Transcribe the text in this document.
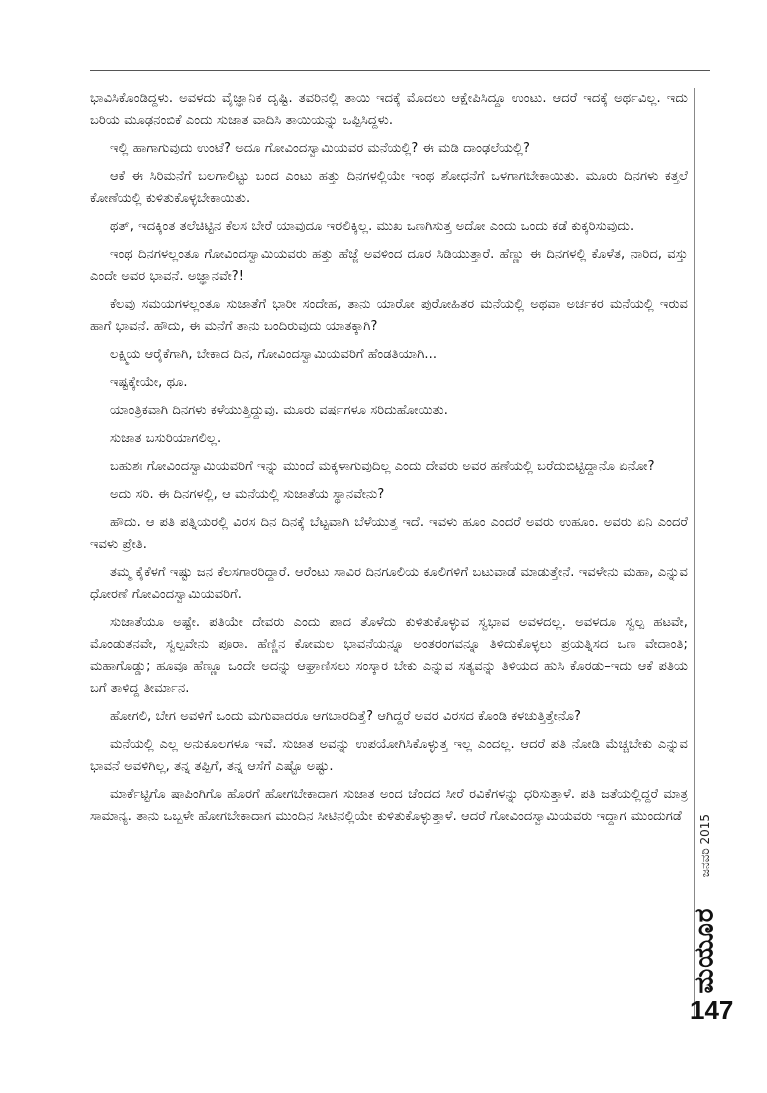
ಭಾವಿಸಿಕೊಂಡಿದ್ದಳು. ಅವಳದು ವೈಜ್ಞಾನಿಕ ದೃಷ್ಟಿ. ತವರಿನಲ್ಲಿ ತಾಯಿ ಇದಕ್ಕೆ ಮೊದಲು ಆಕ್ಷೇಪಿಸಿದ್ದೂ ಉಂಟು. ಆದರೆ ಇದಕ್ಕೆ ಅರ್ಥವಿಲ್ಲ. ಇದು ಬರಿಯ ಮೂಢನಂಬಿಕೆ ಎಂದು ಸುಜಾತ ವಾದಿಸಿ ತಾಯಿಯನ್ನು ಒಪ್ಪಿಸಿದ್ದಳು.

ಇಲ್ಲಿ ಹಾಗಾಗುವುದು ಉಂಟೆ? ಅದೂ ಗೋವಿಂದಸ್ವಾಮಿಯವರ ಮನೆಯಲ್ಲಿ? ಈ ಮಡಿ ದಾಂಢಲೆಯಲ್ಲಿ?

ಆಕೆ ಈ ಸಿರಿಮನೆಗೆ ಬಲಗಾಲಿಟ್ಟು ಬಂದ ಎಂಟು ಹತ್ತು ದಿನಗಳಲ್ಲಿಯೇ ಇಂಥ ಶೋಧನೆಗೆ ಒಳಗಾಗಬೇಕಾಯಿತು. ಮೂರು ದಿನಗಳು ಕತ್ತಲೆ ಕೋಣೆಯಲ್ಲಿ ಕುಳಿತುಕೊಳ್ಳಬೇಕಾಯಿತು.

ಥತ್, ಇದಕ್ಕಿಂತ ತಲೆಚಿಟ್ಟಿನ ಕೆಲಸ ಬೇರೆ ಯಾವುದೂ ಇರಲಿಕ್ಕಿಲ್ಲ. ಮುಖ ಒಣಗಿಸುತ್ತ ಅದೋ ಎಂದು ಒಂದು ಕಡೆ ಕುಕ್ಕರಿಸುವುದು.

ಇಂಥ ದಿನಗಳಲ್ಲಂತೂ ಗೋವಿಂದಸ್ವಾಮಿಯವರು ಹತ್ತು ಹೆಜ್ಜೆ ಅವಳಿಂದ ದೂರ ಸಿಡಿಯುತ್ತಾರೆ. ಹೆಣ್ಣು ಈ ದಿನಗಳಲ್ಲಿ ಕೊಳೆತ, ನಾರಿದ, ವಸ್ತು ಎಂದೇ ಅವರ ಭಾವನೆ. ಅಜ್ಞಾನವೇ?!

ಕೆಲವು ಸಮಯಗಳಲ್ಲಂತೂ ಸುಜಾತೆಗೆ ಭಾರೀ ಸಂದೇಹ, ತಾನು ಯಾರೋ ಪುರೋಹಿತರ ಮನೆಯಲ್ಲಿ ಅಥವಾ ಅರ್ಚಕರ ಮನೆಯಲ್ಲಿ ಇರುವ ಹಾಗೆ ಭಾವನೆ. ಹೌದು, ಈ ಮನೆಗೆ ತಾನು ಬಂದಿರುವುದು ಯಾತಕ್ಕಾಗಿ?

ಲಕ್ಷ್ಮಿಯ ಆರೈಕೆಗಾಗಿ, ಬೇಕಾದ ದಿನ, ಗೋವಿಂದಸ್ವಾಮಿಯವರಿಗೆ ಹೆಂಡತಿಯಾಗಿ...

ಇಷ್ಟಕ್ಕೇಯೇ, ಥೂ.

ಯಾಂತ್ರಿಕವಾಗಿ ದಿನಗಳು ಕಳೆಯುತ್ತಿದ್ದುವು. ಮೂರು ವರ್ಷಗಳೂ ಸರಿದುಹೋಯಿತು.

ಸುಜಾತ ಬಸುರಿಯಾಗಲಿಲ್ಲ.

ಬಹುಶಃ ಗೋವಿಂದಸ್ವಾಮಿಯವರಿಗೆ ಇನ್ನು ಮುಂದೆ ಮಕ್ಕಳಾಗುವುದಿಲ್ಲ ಎಂದು ದೇವರು ಅವರ ಹಣೆಯಲ್ಲಿ ಬರೆದುಬಿಟ್ಟಿದ್ದಾನೊ ಏನೋ?

ಅದು ಸರಿ. ಈ ದಿನಗಳಲ್ಲಿ, ಆ ಮನೆಯಲ್ಲಿ ಸುಜಾತೆಯ ಸ್ಥಾನವೇನು?

ಹೌದು. ಆ ಪತಿ ಪತ್ನಿಯರಲ್ಲಿ ವಿರಸ ದಿನ ದಿನಕ್ಕೆ ಬೆಟ್ಟವಾಗಿ ಬೆಳೆಯುತ್ತ ಇದೆ. ಇವಳು ಹೂಂ ಎಂದರೆ ಅವರು ಉಹೂಂ. ಅವರು ಏನಿ ಎಂದರೆ ಇವಳು ಪ್ರೇತಿ.

ತಮ್ಮ ಕೈಕೆಳಗೆ ಇಷ್ಟು ಜನ ಕೆಲಸಗಾರರಿದ್ದಾರೆ. ಆರೆಂಟು ಸಾವಿರ ದಿನಗೂಲಿಯ ಕೂಲಿಗಳಿಗೆ ಬಟುವಾಡೆ ಮಾಡುತ್ತೇನೆ. ಇವಳೇನು ಮಹಾ, ಎನ್ನುವ ಧೋರಣೆ ಗೋವಿಂದಸ್ವಾಮಿಯವರಿಗೆ.

ಸುಜಾತೆಯೂ ಅಷ್ಟೇ. ಪತಿಯೇ ದೇವರು ಎಂದು ಪಾದ ತೊಳೆದು ಕುಳಿತುಕೊಳ್ಳುವ ಸ್ವಭಾವ ಅವಳದಲ್ಲ. ಅವಳದೂ ಸ್ವಲ್ಪ ಹಟವೇ, ಮೊಂಡುತನವೇ, ಸ್ವಲ್ಪವೇನು ಪೂರಾ. ಹೆಣ್ಣಿನ ಕೋಮಲ ಭಾವನೆಯನ್ನೂ ಅಂತರಂಗವನ್ನೂ ತಿಳಿದುಕೊಳ್ಳಲು ಪ್ರಯತ್ನಿಸದ ಒಣ ವೇದಾಂತಿ; ಮಹಾಗೊಡ್ಡು; ಹೂವೂ ಹೆಣ್ಣೂ ಒಂದೇ ಅದನ್ನು ಆಘ್ರಾಣಿಸಲು ಸಂಸ್ಕಾರ ಬೇಕು ಎನ್ನುವ ಸತ್ಯವನ್ನು ತಿಳಿಯದ ಹುಸಿ ಕೊರಡು–ಇದು ಆಕೆ ಪತಿಯ ಬಗೆ ತಾಳಿದ್ದ ತೀರ್ಮಾನ.

ಹೋಗಲಿ, ಬೇಗ ಅವಳಿಗೆ ಒಂದು ಮಗುವಾದರೂ ಆಗಬಾರದಿತ್ತೆ? ಆಗಿದ್ದರೆ ಅವರ ವಿರಸದ ಕೊಂಡಿ ಕಳಚುತ್ತಿತ್ತೇನೊ?

ಮನೆಯಲ್ಲಿ ಎಲ್ಲ ಅನುಕೂಲಗಳೂ ಇವೆ. ಸುಜಾತ ಅವನ್ನು ಉಪಯೋಗಿಸಿಕೊಳ್ಳುತ್ತ ಇಲ್ಲ ಎಂದಲ್ಲ. ಆದರೆ ಪತಿ ನೋಡಿ ಮೆಚ್ಚಬೇಕು ಎನ್ನುವ ಭಾವನೆ ಅವಳಿಗಿಲ್ಲ, ತನ್ನ ತಪ್ಪಿಗೆ, ತನ್ನ ಆಸೆಗೆ ಎಷ್ಟೊ ಅಷ್ಟು.

ಮಾರ್ಕೆಟ್ಟಿಗೊ ಷಾಪಿಂಗಿಗೊ ಹೊರಗೆ ಹೋಗಬೇಕಾದಾಗ ಸುಜಾತ ಅಂದ ಚೆಂದದ ಸೀರೆ ರವಿಕೆಗಳನ್ನು ಧರಿಸುತ್ತಾಳೆ. ಪತಿ ಜತೆಯಲ್ಲಿದ್ದರೆ ಮಾತ್ರ ಸಾಮಾನ್ಯ. ತಾನು ಒಬ್ಬಳೇ ಹೋಗಬೇಕಾದಾಗ ಮುಂದಿನ ಸೀಟಿನಲ್ಲಿಯೇ ಕುಳಿತುಕೊಳ್ಳುತ್ತಾಳೆ. ಆದರೆ ಗೋವಿಂದಸ್ವಾಮಿಯವರು ಇದ್ದಾಗ ಮುಂದುಗಡೆ	ಜನವರಿ 2015
ಮಯೂರ
147
